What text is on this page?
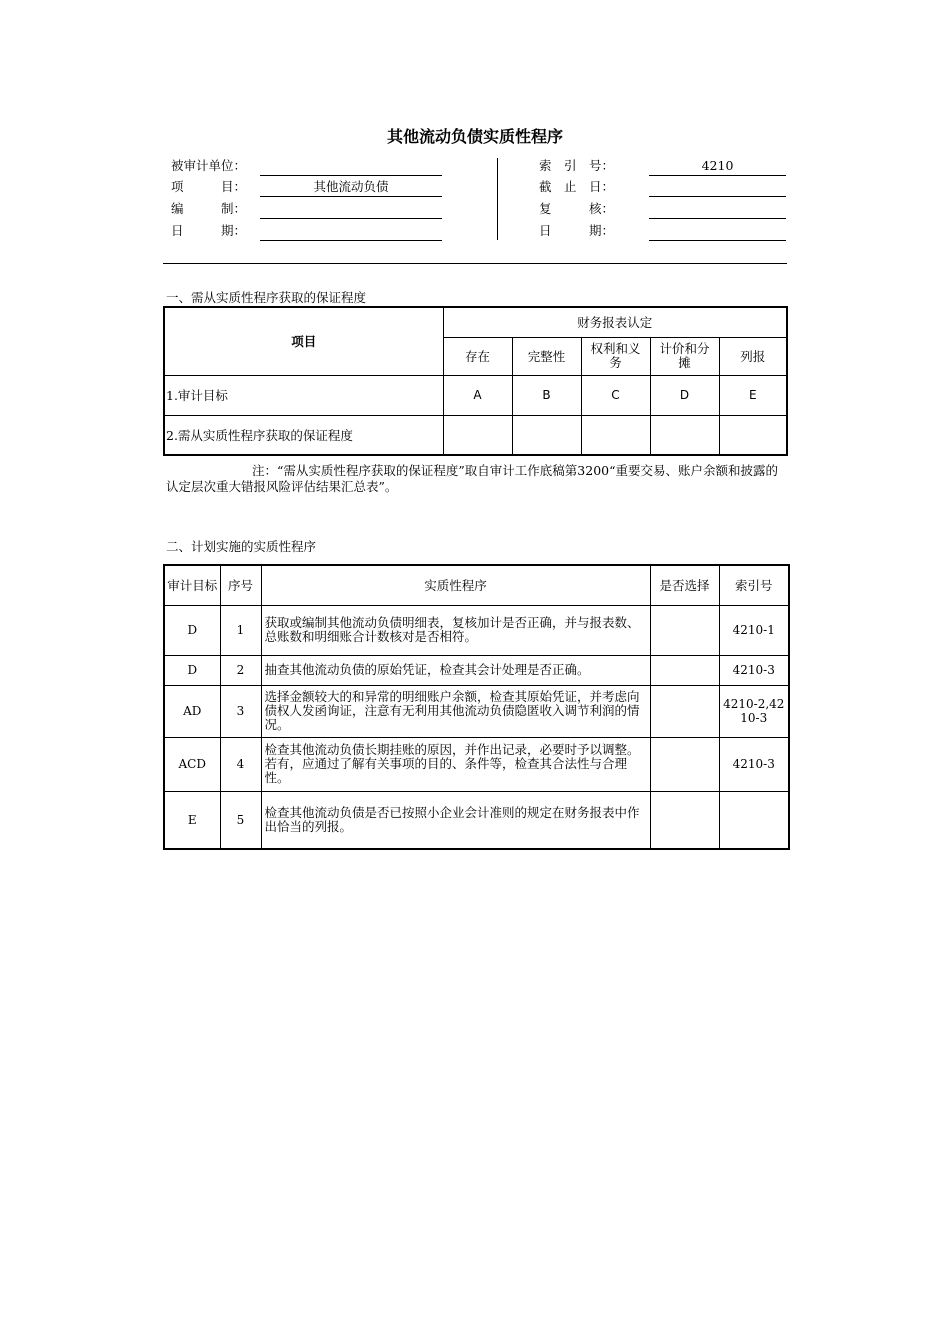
其他流动负债实质性程序
被审计单位：
项　　　目：	其他流动负债
编　　　制：
日　　　期：
索　引　号：	4210
截　止　日：
复　　　核：
日　　　期：
一、需从实质性程序获取的保证程度
项目	财务报表认定				
	存在	完整性	权利和义务	计价和分摊	列报
1.审计目标	A	B	C	D	E
2.需从实质性程序获取的保证程度					
注：“需从实质性程序获取的保证程度”取自审计工作底稿第3200“重要交易、账户余额和披露的认定层次重大错报风险评估结果汇总表”。
二、计划实施的实质性程序
审计目标	序号	实质性程序	是否选择	索引号
D	1	获取或编制其他流动负债明细表，复核加计是否正确，并与报表数、总账数和明细账合计数核对是否相符。		4210-1
D	2	抽查其他流动负债的原始凭证，检查其会计处理是否正确。		4210-3
AD	3	选择金额较大的和异常的明细账户余额，检查其原始凭证，并考虑向债权人发函询证，注意有无利用其他流动负债隐匿收入调节利润的情况。		4210-2,4210-3
ACD	4	检查其他流动负债长期挂账的原因，并作出记录，必要时予以调整。若有，应通过了解有关事项的目的、条件等，检查其合法性与合理性。		4210-3
E	5	检查其他流动负债是否已按照小企业会计准则的规定在财务报表中作出恰当的列报。		
